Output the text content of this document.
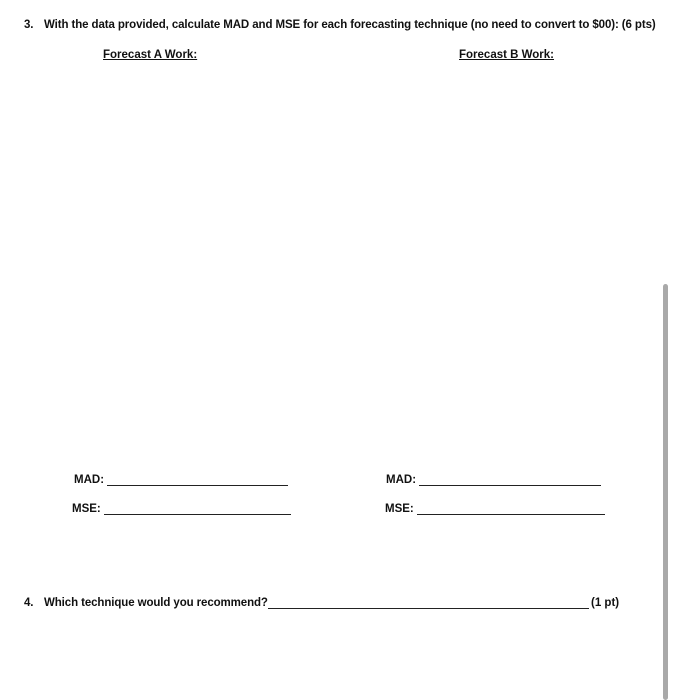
3. With the data provided, calculate MAD and MSE for each forecasting technique (no need to convert to $00): (6 pts)
Forecast A Work:	Forecast B Work:
MAD:
MSE:
MAD:
MSE:
4. Which technique would you recommend?	(1 pt)
